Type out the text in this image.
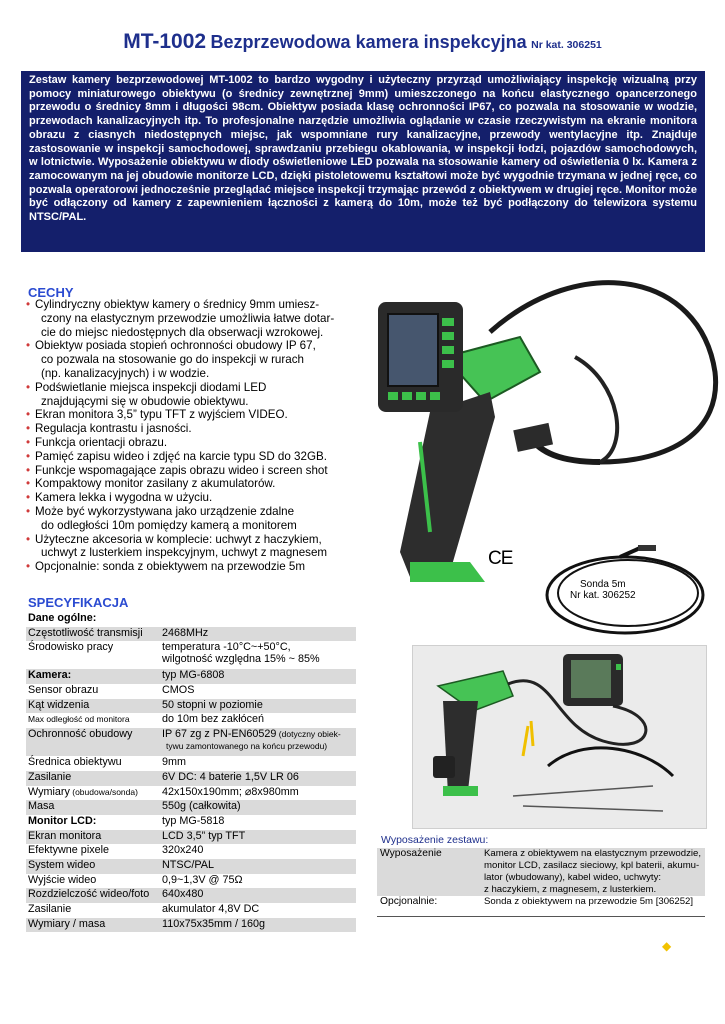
MT-1002 Bezprzewodowa kamera inspekcyjna Nr kat. 306251
Zestaw kamery bezprzewodowej MT-1002 to bardzo wygodny i użyteczny przyrząd umożliwiający inspekcję wizualną przy pomocy miniaturowego obiektywu (o średnicy zewnętrznej 9mm) umieszczonego na końcu elastycznego opancerzonego przewodu o średnicy 8mm i długości 98cm. Obiektyw posiada klasę ochronności IP67, co pozwala na stosowanie w wodzie, przewodach kanalizacyjnych itp. To profesjonalne narzędzie umożliwia oglądanie w czasie rzeczywistym na ekranie monitora obrazu z ciasnych niedostępnych miejsc, jak wspomniane rury kanalizacyjne, przewody wentylacyjne itp. Znajduje zastosowanie w inspekcji samochodowej, sprawdzaniu przebiegu okablowania, w inspekcji łodzi, pojazdów samochodowych, w lotnictwie. Wyposażenie obiektywu w diody oświetleniowe LED pozwala na stosowanie kamery od oświetlenia 0 lx. Kamera z zamocowanym na jej obudowie monitorze LCD, dzięki pistoletowemu kształtowi może być wygodnie trzymana w jednej ręce, co pozwala operatorowi jednocześnie przeglądać miejsce inspekcji trzymając przewód z obiektywem w drugiej ręce. Monitor może być odłączony od kamery z zapewnieniem łączności z kamerą do 10m, może też być podłączony do telewizora systemu NTSC/PAL.
CECHY
• Cylindryczny obiektyw kamery o średnicy 9mm umiesz-
czony na elastycznym przewodzie umożliwia łatwe dotar-
cie do miejsc niedostępnych dla obserwacji wzrokowej.
• Obiektyw posiada stopień ochronności obudowy IP 67,
co pozwala na stosowanie go do inspekcji w rurach
(np. kanalizacyjnych) i w wodzie.
• Podświetlanie miejsca inspekcji diodami LED
znajdującymi się w obudowie obiektywu.
• Ekran monitora 3,5” typu TFT z wyjściem VIDEO.
• Regulacja kontrastu i jasności.
• Funkcja orientacji obrazu.
• Pamięć zapisu wideo i zdjęć na karcie typu SD do 32GB.
• Funkcje wspomagające zapis obrazu wideo i screen shot
• Kompaktowy monitor zasilany z akumulatorów.
• Kamera lekka i wygodna w użyciu.
• Może być wykorzystywana jako urządzenie zdalne
do odległości 10m pomiędzy kamerą a monitorem
• Użyteczne akcesoria w komplecie: uchwyt z haczykiem,
uchwyt z lusterkiem inspekcyjnym, uchwyt z magnesem
• Opcjonalnie: sonda z obiektywem na przewodzie 5m	CE
Sonda 5m
Nr kat. 306252
SPECYFIKACJA
Dane ogólne:	
Częstotliwość transmisji	2468MHz
Środowisko pracy	temperatura -10°C~+50°C,
wilgotność względna 15% ~ 85%
Kamera:	typ MG-6808
Sensor obrazu	CMOS
Kąt widzenia	50 stopni w poziomie
Max odległość od monitora	do 10m bez zakłóceń
Ochronność obudowy	IP 67 zg z PN-EN60529 (dotyczny obiek-
tywu zamontowanego na końcu przewodu)
Średnica obiektywu	9mm
Zasilanie	6V DC: 4 baterie 1,5V LR 06
Wymiary (obudowa/sonda)	42x150x190mm; ⌀8x980mm
Masa	550g (całkowita)
Monitor LCD:	typ MG-5818
Ekran monitora	LCD 3,5” typ TFT
Efektywne pixele	320x240
System wideo	NTSC/PAL
Wyjście wideo	0,9~1,3V @ 75Ω
Rozdzielczość wideo/foto	640x480
Zasilanie	akumulator 4,8V DC
Wymiary / masa	110x75x35mm / 160g
Wyposażenie zestawu:
Wyposażenie	Kamera z obiektywem na elastycznym przewodzie,
monitor LCD, zasilacz sieciowy, kpl baterii, akumu-
lator (wbudowany), kabel wideo, uchwyty:
z haczykiem, z magnesem, z lusterkiem.

Opcjonalnie:	Sonda z obiektywem na przewodzie 5m [306252]
◆
